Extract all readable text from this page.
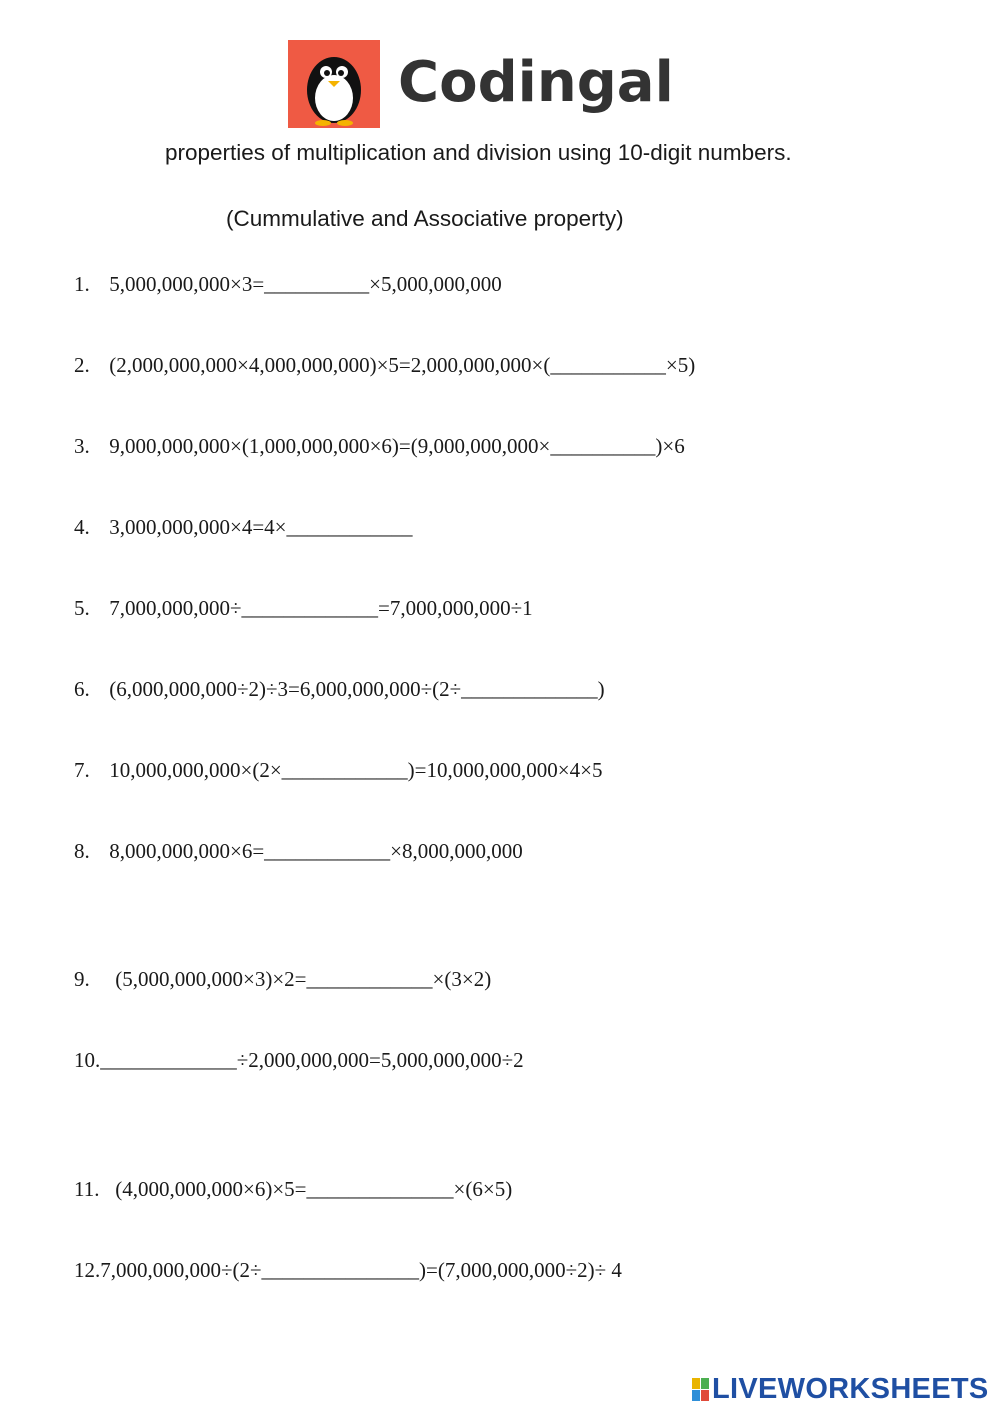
Codingal
properties of multiplication and division using 10-digit numbers.
(Cummulative and Associative property)
1. 5,000,000,000×3=__________×5,000,000,000
2. (2,000,000,000×4,000,000,000)×5=2,000,000,000×(___________×5)
3. 9,000,000,000×(1,000,000,000×6)=(9,000,000,000×__________)×6
4. 3,000,000,000×4=4×____________
5. 7,000,000,000÷_____________=7,000,000,000÷1
6. (6,000,000,000÷2)÷3=6,000,000,000÷(2÷_____________)
7. 10,000,000,000×(2×____________)=10,000,000,000×4×5
8. 8,000,000,000×6=____________×8,000,000,000
9. (5,000,000,000×3)×2=____________×(3×2)
10._____________÷2,000,000,000=5,000,000,000÷2
11. (4,000,000,000×6)×5=______________×(6×5)
12.7,000,000,000÷(2÷_______________)=(7,000,000,000÷2)÷ 4
LIVEWORKSHEETS
